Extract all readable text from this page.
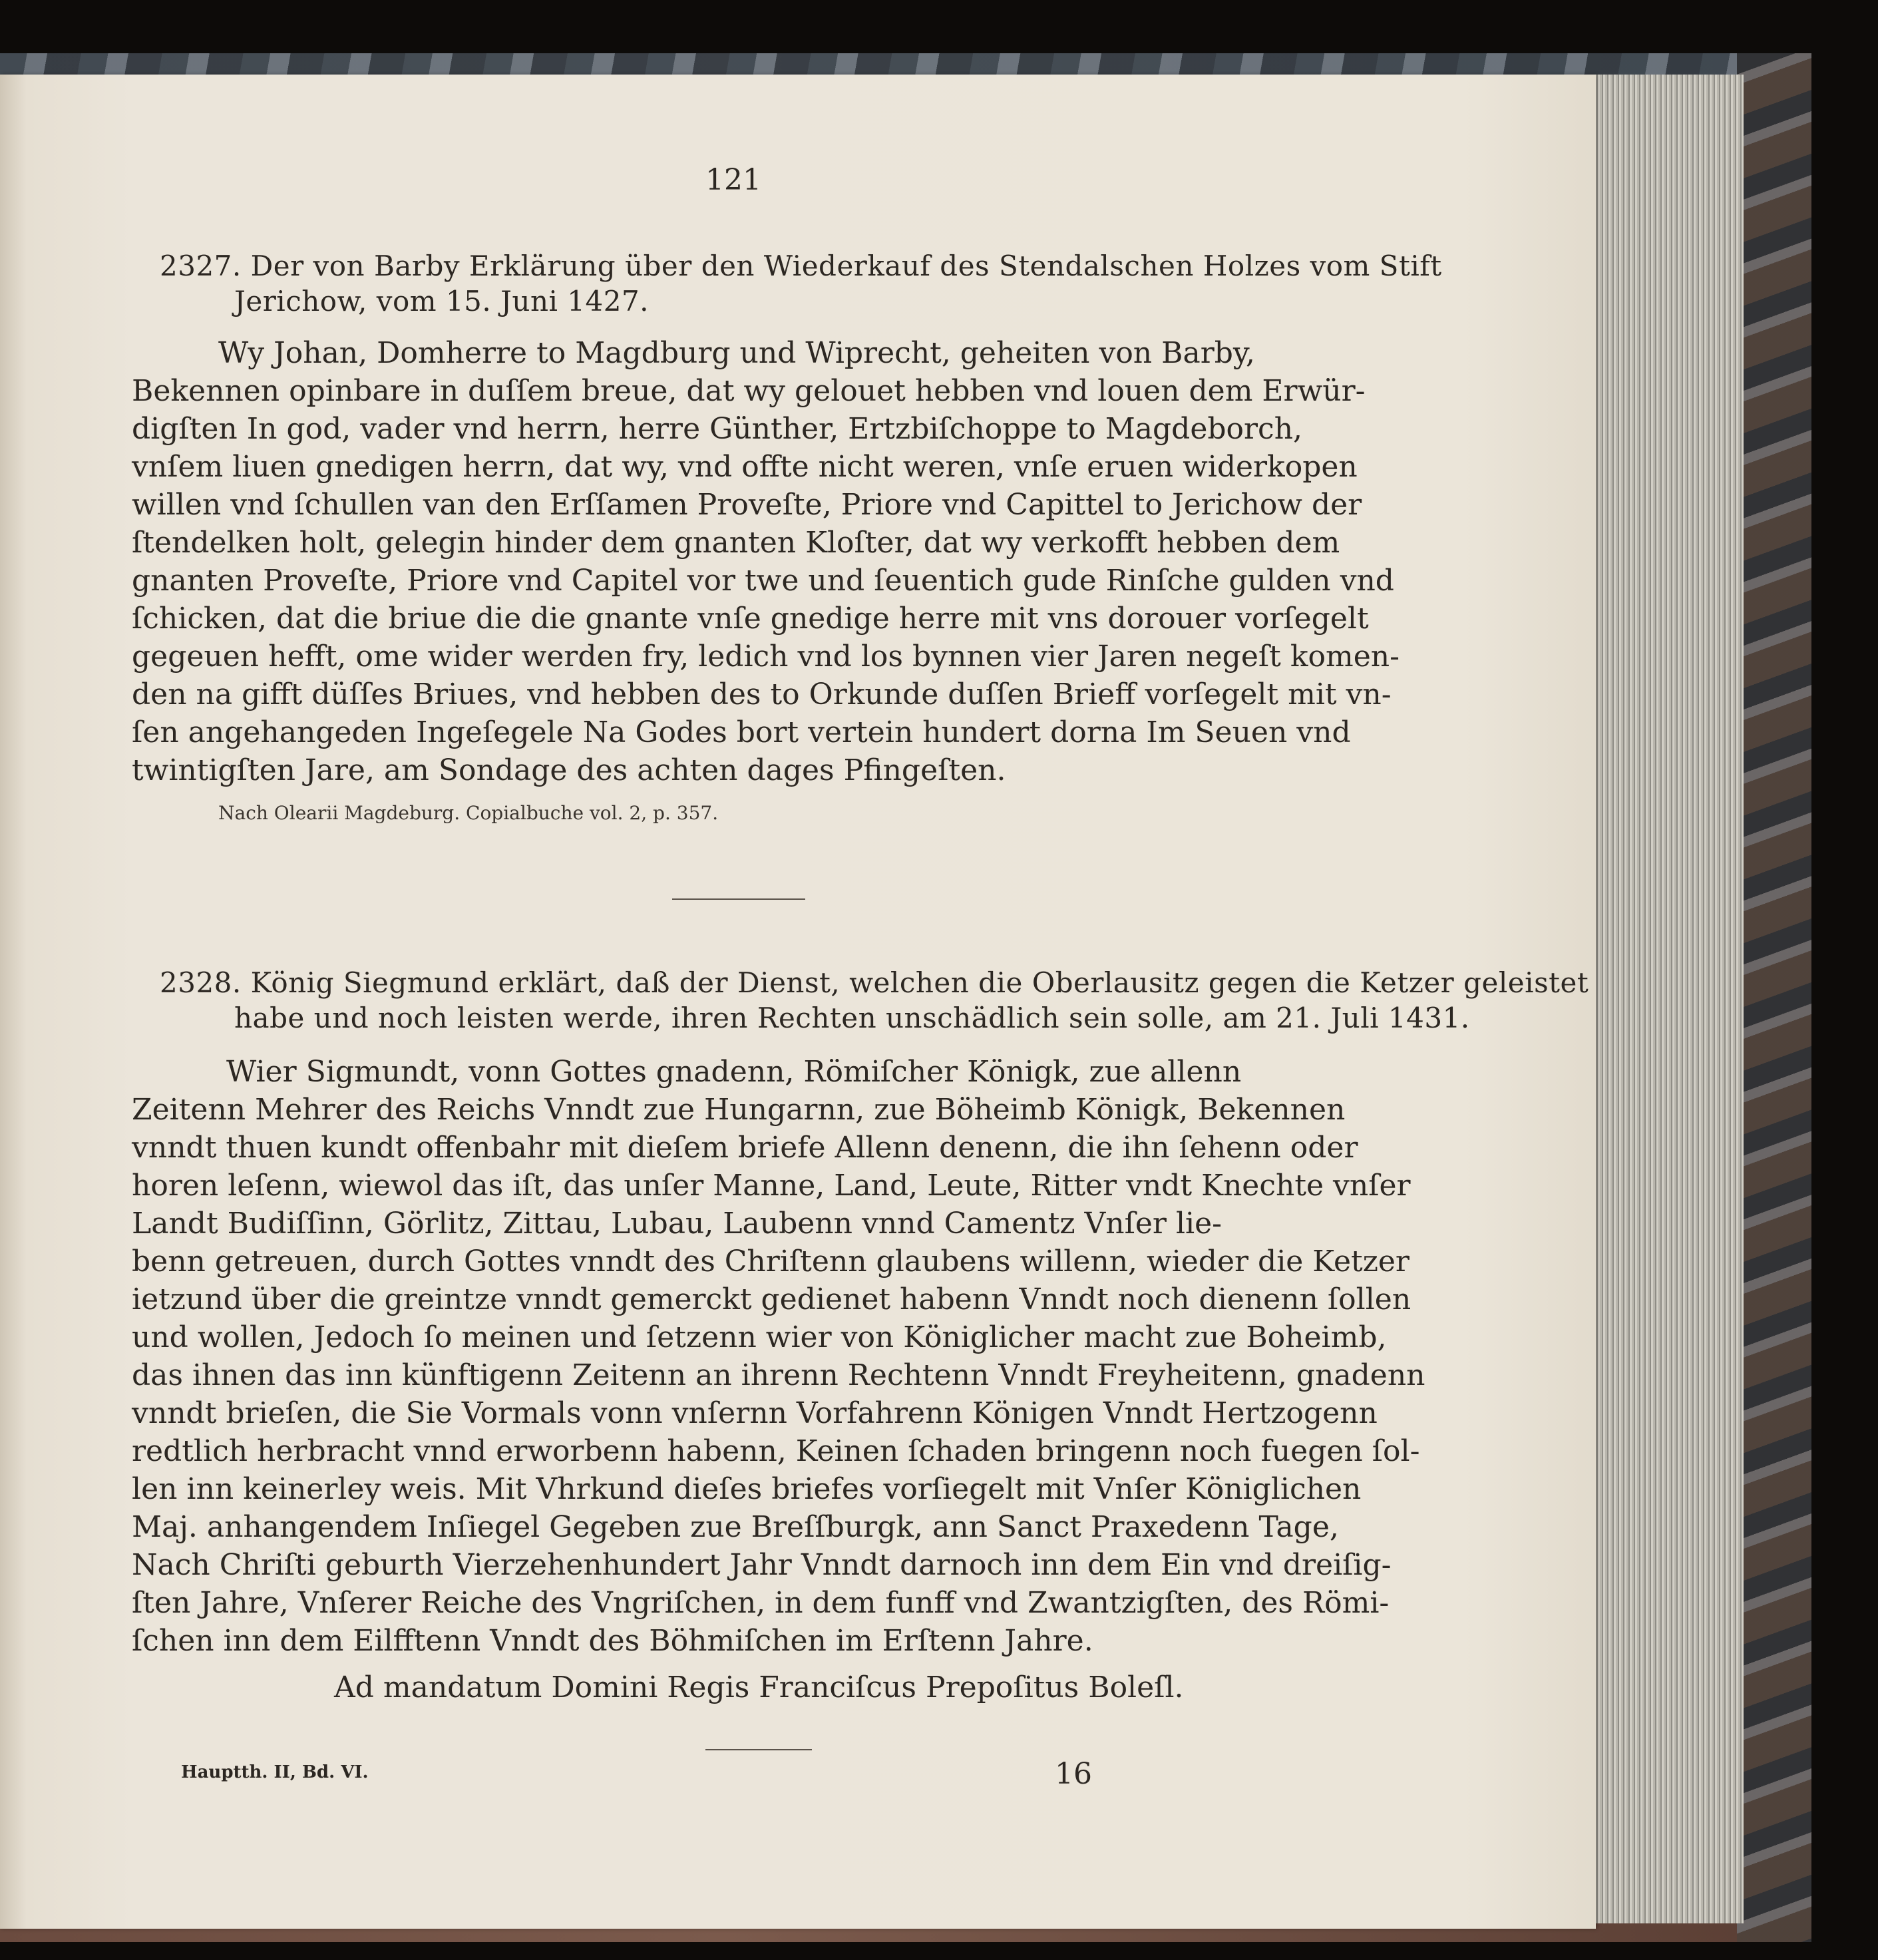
121
2327. Der von Barby Erklärung über den Wiederkauf des Stendalschen Holzes vom Stift
Jerichow, vom 15. Juni 1427.
Wy Johan, Domherre to Magdburg und Wiprecht, geheiten von Barby,
Bekennen opinbare in duſſem breue, dat wy gelouet hebben vnd louen dem Erwür-
digſten In god, vader vnd herrn, herre Günther, Ertzbiſchoppe to Magdeborch,
vnſem liuen gnedigen herrn, dat wy, vnd offte nicht weren, vnſe eruen widerkopen
willen vnd ſchullen van den Erſſamen Proveſte, Priore vnd Capittel to Jerichow der
ſtendelken holt, gelegin hinder dem gnanten Kloſter, dat wy verkofft hebben dem
gnanten Proveſte, Priore vnd Capitel vor twe und ſeuentich gude Rinſche gulden vnd
ſchicken, dat die briue die die gnante vnſe gnedige herre mit vns dorouer vorſegelt
gegeuen hefft, ome wider werden fry, ledich vnd los bynnen vier Jaren negeſt komen-
den na gifft düſſes Briues, vnd hebben des to Orkunde duſſen Brieff vorſegelt mit vn-
ſen angehangeden Ingeſegele Na Godes bort vertein hundert dorna Im Seuen vnd
twintigſten Jare, am Sondage des achten dages Pfingeſten.
Nach Olearii Magdeburg. Copialbuche vol. 2, p. 357.
2328. König Siegmund erklärt, daß der Dienst, welchen die Oberlausitz gegen die Ketzer geleistet
habe und noch leisten werde, ihren Rechten unschädlich sein solle, am 21. Juli 1431.
Wier Sigmundt, vonn Gottes gnadenn, Römiſcher Königk, zue allenn
Zeitenn Mehrer des Reichs Vnndt zue Hungarnn, zue Böheimb Königk, Bekennen
vnndt thuen kundt offenbahr mit dieſem briefe Allenn denenn, die ihn ſehenn oder
horen leſenn, wiewol das iſt, das unſer Manne, Land, Leute, Ritter vndt Knechte vnſer
Landt Budiſſinn, Görlitz, Zittau, Lubau, Laubenn vnnd Camentz Vnſer lie-
benn getreuen, durch Gottes vnndt des Chriſtenn glaubens willenn, wieder die Ketzer
ietzund über die greintze vnndt gemerckt gedienet habenn Vnndt noch dienenn ſollen
und wollen, Jedoch ſo meinen und ſetzenn wier von Königlicher macht zue Boheimb,
das ihnen das inn künftigenn Zeitenn an ihrenn Rechtenn Vnndt Freyheitenn, gnadenn
vnndt brieſen, die Sie Vormals vonn vnſernn Vorfahrenn Königen Vnndt Hertzogenn
redtlich herbracht vnnd erworbenn habenn, Keinen ſchaden bringenn noch fuegen ſol-
len inn keinerley weis. Mit Vhrkund dieſes briefes vorſiegelt mit Vnſer Königlichen
Maj. anhangendem Inſiegel Gegeben zue Breſſburgk, ann Sanct Praxedenn Tage,
Nach Chriſti geburth Vierzehenhundert Jahr Vnndt darnoch inn dem Ein vnd dreiſig-
ſten Jahre, Vnſerer Reiche des Vngriſchen, in dem funff vnd Zwantzigſten, des Römi-
ſchen inn dem Eilfftenn Vnndt des Böhmiſchen im Erſtenn Jahre.
Ad mandatum Domini Regis Franciſcus Prepoſitus Boleſl.
Hauptth. II, Bd. VI.	16
